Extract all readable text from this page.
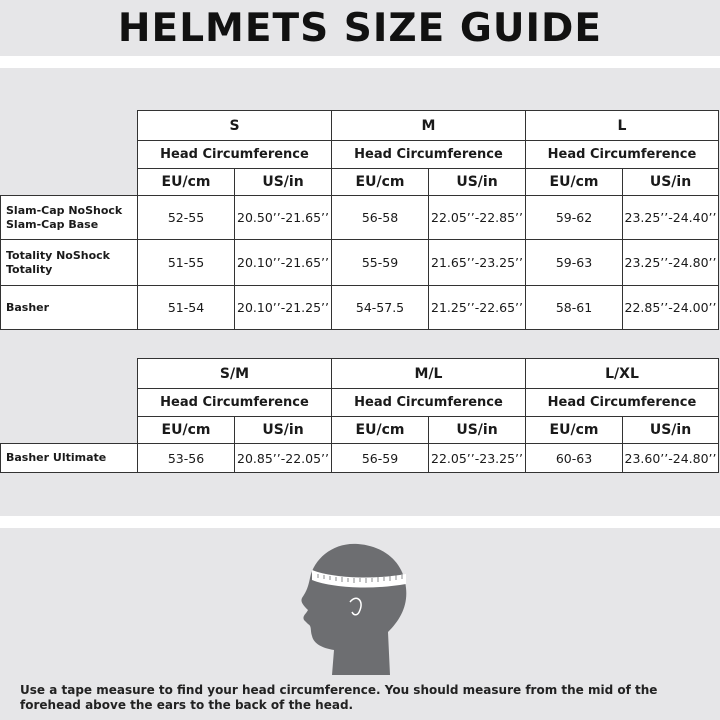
HELMETS SIZE GUIDE
	S		M		L	
	Head Circumference		Head Circumference		Head Circumference	
	EU/cm	US/in	EU/cm	US/in	EU/cm	US/in

Slam-Cap NoShock
Slam-Cap Base	52-55	20.50’’-21.65’’	56-58	22.05’’-22.85’’	59-62	23.25’’-24.40’’

Totality NoShock
Totality	51-55	20.10’’-21.65’’	55-59	21.65’’-23.25’’	59-63	23.25’’-24.80’’

Basher	51-54	20.10’’-21.25’’	54-57.5	21.25’’-22.65’’	58-61	22.85’’-24.00’’
	S/M		M/L		L/XL	
	Head Circumference		Head Circumference		Head Circumference	
	EU/cm	US/in	EU/cm	US/in	EU/cm	US/in

Basher Ultimate	53-56	20.85’’-22.05’’	56-59	22.05’’-23.25’’	60-63	23.60’’-24.80’’

Use a tape measure to find your head circumference. You should measure from the mid of the forehead above the ears to the back of the head.
